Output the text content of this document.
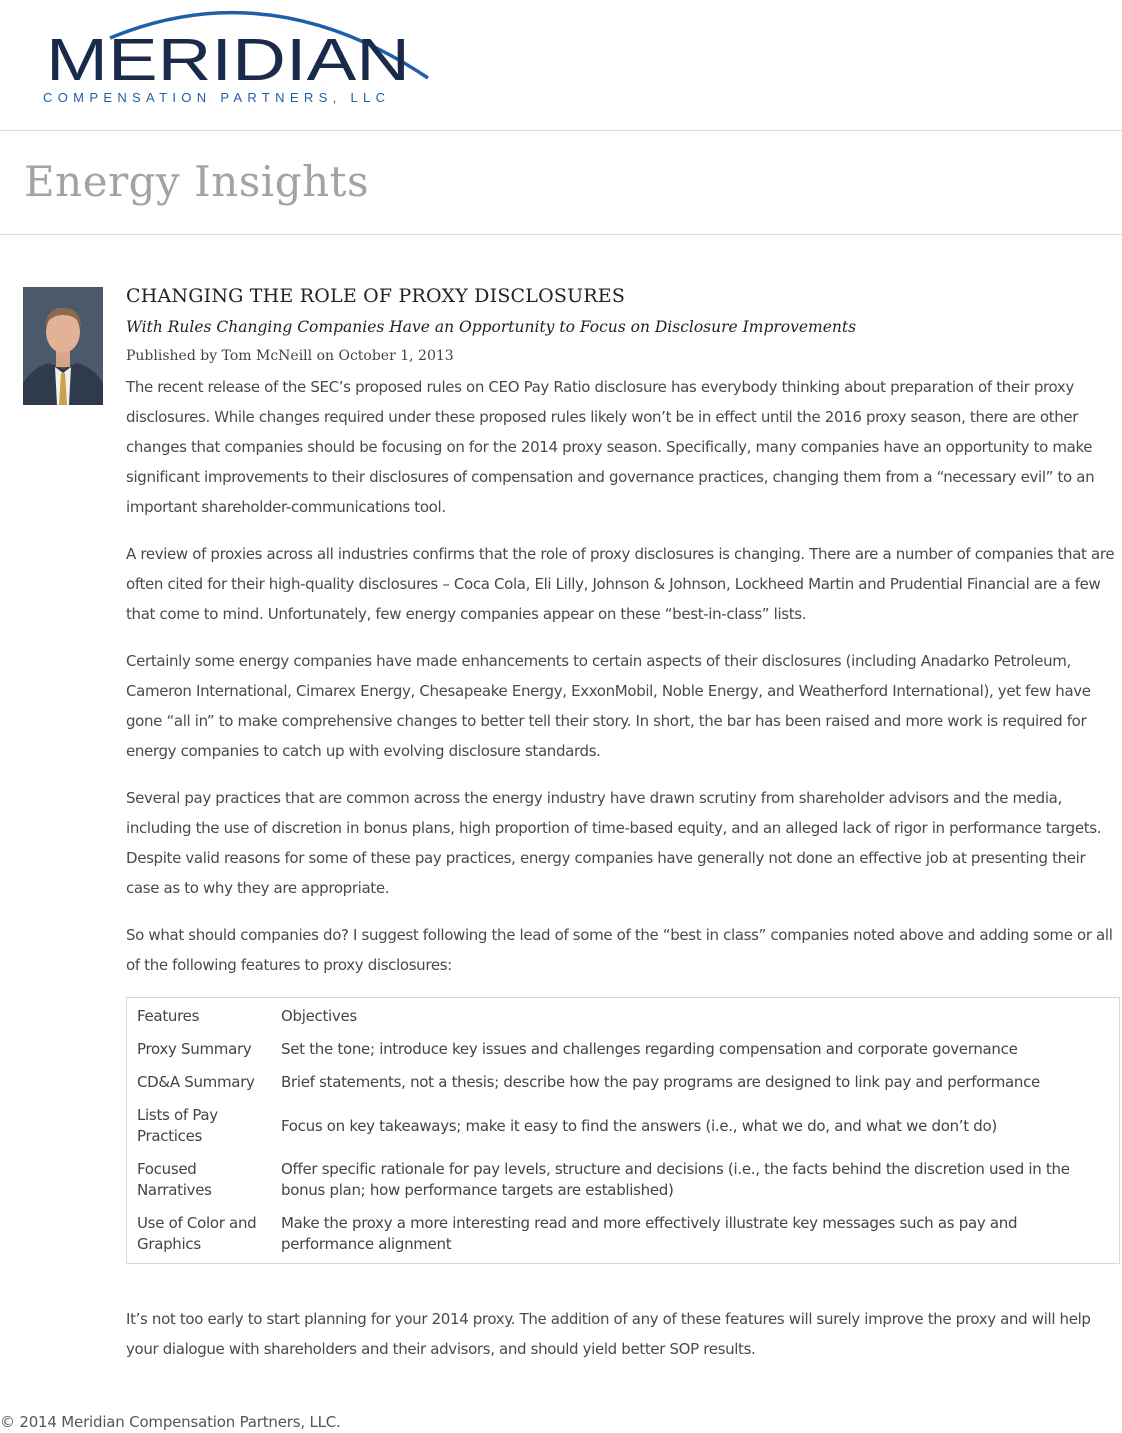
MERIDIAN
COMPENSATION PARTNERS, LLC
Energy Insights
CHANGING THE ROLE OF PROXY DISCLOSURES

With Rules Changing Companies Have an Opportunity to Focus on Disclosure Improvements

Published by Tom McNeill on October 1, 2013

The recent release of the SEC’s proposed rules on CEO Pay Ratio disclosure has everybody thinking about preparation of their proxy disclosures. While changes required under these proposed rules likely won’t be in effect until the 2016 proxy season, there are other changes that companies should be focusing on for the 2014 proxy season. Specifically, many companies have an opportunity to make significant improvements to their disclosures of compensation and governance practices, changing them from a “necessary evil” to an important shareholder-communications tool.

A review of proxies across all industries confirms that the role of proxy disclosures is changing. There are a number of companies that are often cited for their high-quality disclosures – Coca Cola, Eli Lilly, Johnson & Johnson, Lockheed Martin and Prudential Financial are a few that come to mind. Unfortunately, few energy companies appear on these “best-in-class” lists.

Certainly some energy companies have made enhancements to certain aspects of their disclosures (including Anadarko Petroleum, Cameron International, Cimarex Energy, Chesapeake Energy, ExxonMobil, Noble Energy, and Weatherford International), yet few have gone “all in” to make comprehensive changes to better tell their story. In short, the bar has been raised and more work is required for energy companies to catch up with evolving disclosure standards.

Several pay practices that are common across the energy industry have drawn scrutiny from shareholder advisors and the media, including the use of discretion in bonus plans, high proportion of time-based equity, and an alleged lack of rigor in performance targets. Despite valid reasons for some of these pay practices, energy companies have generally not done an effective job at presenting their case as to why they are appropriate.

So what should companies do? I suggest following the lead of some of the “best in class” companies noted above and adding some or all of the following features to proxy disclosures:

Features	Objectives
Proxy Summary	Set the tone; introduce key issues and challenges regarding compensation and corporate governance
CD&A Summary	Brief statements, not a thesis; describe how the pay programs are designed to link pay and performance
Lists of Pay Practices	Focus on key takeaways; make it easy to find the answers (i.e., what we do, and what we don’t do)
Focused Narratives	Offer specific rationale for pay levels, structure and decisions (i.e., the facts behind the discretion used in the bonus plan; how performance targets are established)
Use of Color and Graphics	Make the proxy a more interesting read and more effectively illustrate key messages such as pay and performance alignment

It’s not too early to start planning for your 2014 proxy. The addition of any of these features will surely improve the proxy and will help your dialogue with shareholders and their advisors, and should yield better SOP results.

© 2014 Meridian Compensation Partners, LLC.
